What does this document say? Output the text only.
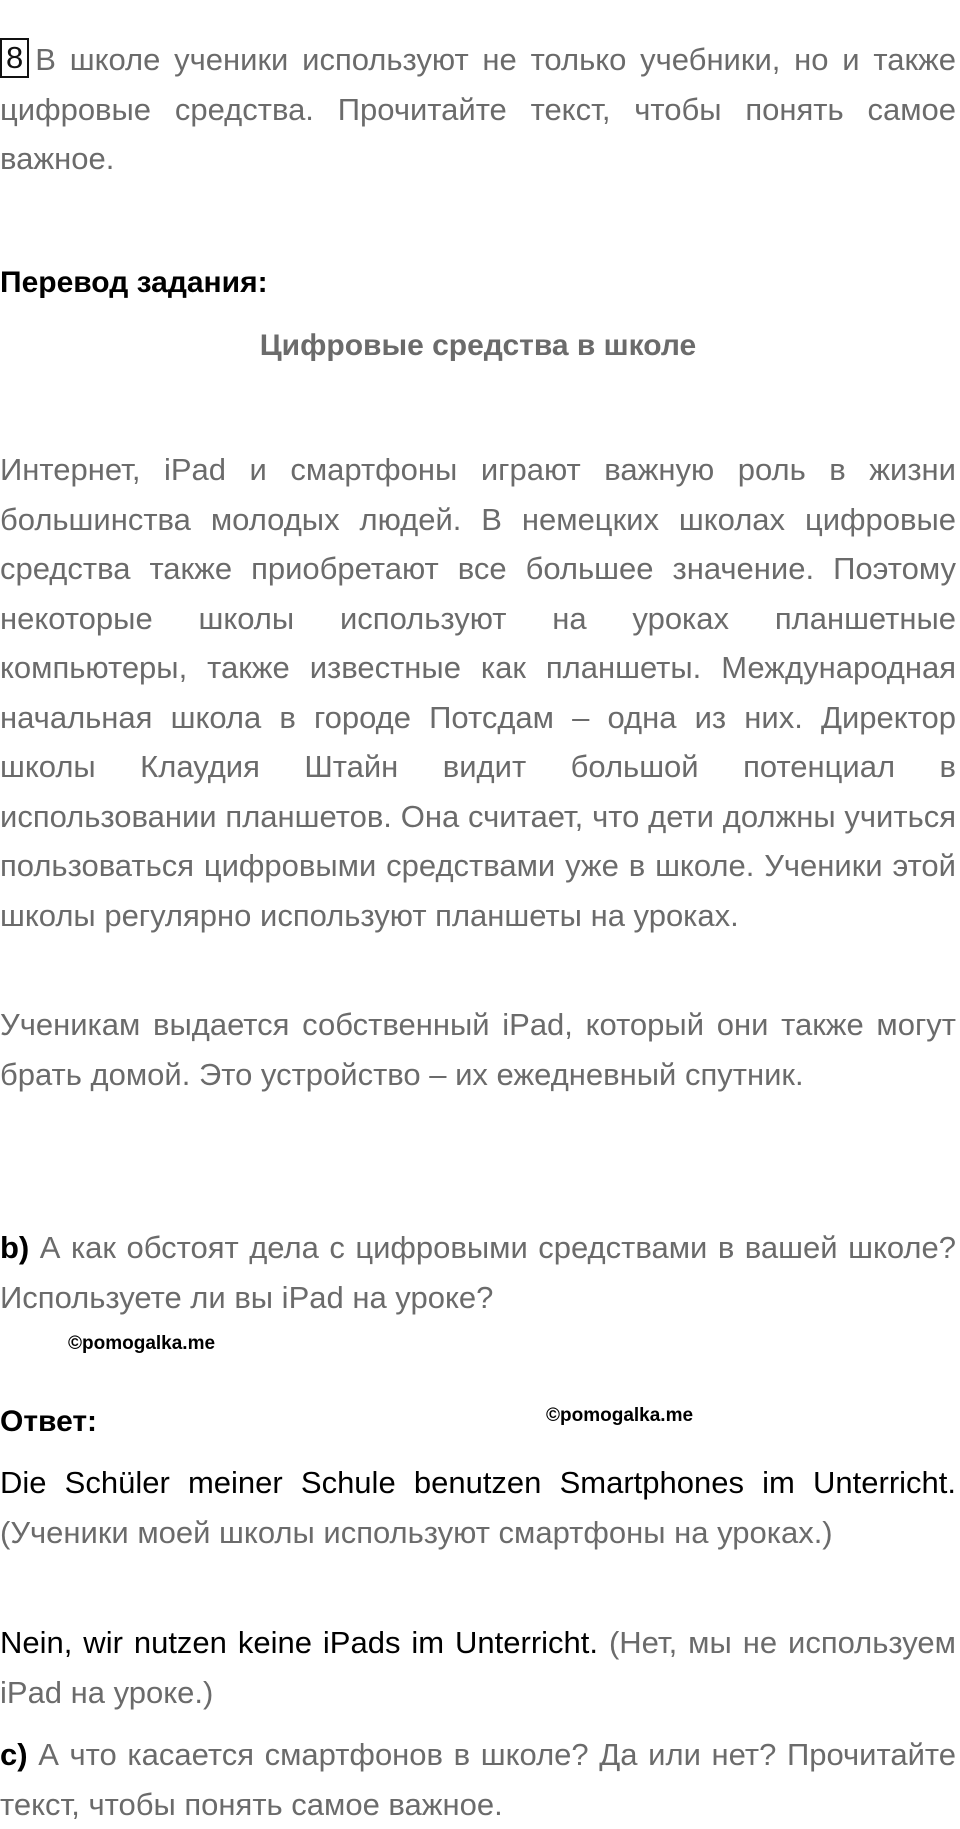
8 В школе ученики используют не только учебники, но и также цифровые средства. Прочитайте текст, чтобы понять самое важное.

Перевод задания:
Цифровые средства в школе

Интернет, iPad и смартфоны играют важную роль в жизни большинства молодых людей. В немецких школах цифровые средства также приобретают все большее значение. Поэтому некоторые школы используют на уроках планшетные компьютеры, также известные как планшеты. Международная начальная школа в городе Потсдам – одна из них. Директор школы Клаудия Штайн видит большой потенциал в использовании планшетов. Она считает, что дети должны учиться пользоваться цифровыми средствами уже в школе. Ученики этой школы регулярно используют планшеты на уроках.

Ученикам выдается собственный iPad, который они также могут брать домой. Это устройство – их ежедневный спутник.

b) А как обстоят дела с цифровыми средствами в вашей школе? Используете ли вы iPad на уроке?

©pomogalka.me
Ответ:	©pomogalka.me

Die Schüler meiner Schule benutzen Smartphones im Unterricht. (Ученики моей школы используют смартфоны на уроках.)

Nein, wir nutzen keine iPads im Unterricht. (Нет, мы не используем iPad на уроке.)

c) А что касается смартфонов в школе? Да или нет? Прочитайте текст, чтобы понять самое важное.
